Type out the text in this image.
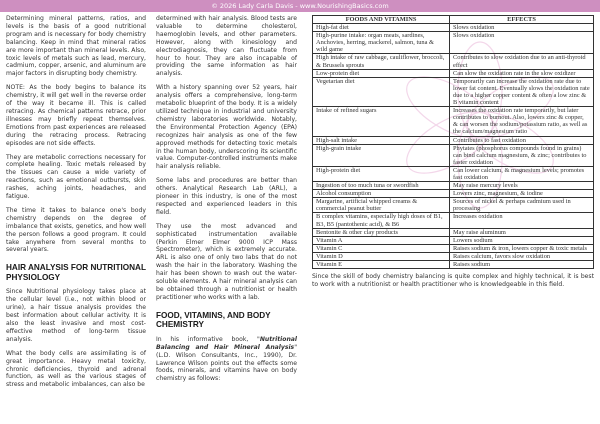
© 2026 Lady Carla Davis - www.NourishingBasics.com

Determining mineral patterns, ratios, and levels is the basis of a good nutritional program and is necessary for body chemistry balancing. Keep in mind that mineral ratios are more important than mineral levels. Also, toxic levels of metals such as lead, mercury, cadmium, copper, arsenic, and aluminum are major factors in disrupting body chemistry.

NOTE: As the body begins to balance its chemistry, it will get well in the reverse order of the way it became ill. This is called retracing. As chemical patterns retrace, prior illnesses may briefly repeat themselves. Emotions from past experiences are released during the retracing process. Retracing episodes are not side effects.

They are metabolic corrections necessary for complete healing. Toxic metals released by the tissues can cause a wide variety of reactions, such as emotional outbursts, skin rashes, aching joints, headaches, and fatigue.

The time it takes to balance one's body chemistry depends on the degree of imbalance that exists, genetics, and how well the person follows a good program. It could take anywhere from several months to several years.

HAIR ANALYSIS FOR NUTRITIONAL PHYSIOLOGY

Since Nutritional physiology takes place at the cellular level (i.e., not within blood or urine), a hair tissue analysis provides the best information about cellular activity. It is also the least invasive and most cost-effective method of long-term tissue analysis.

What the body cells are assimilating is of great importance. Heavy metal toxicity, chronic deficiencies, thyroid and adrenal function, as well as the various stages of stress and metabolic imbalances, can also be

determined with hair analysis. Blood tests are valuable to determine cholesterol, haemoglobin levels, and other parameters. However, along with kinesiology and electrodiagnosis, they can fluctuate from hour to hour. They are also incapable of providing the same information as hair analysis.

With a history spanning over 52 years, hair analysis offers a comprehensive, long-term metabolic blueprint of the body. It is a widely utilized technique in industrial and university chemistry laboratories worldwide. Notably, the Environmental Protection Agency (EPA) recognizes hair analysis as one of the few approved methods for detecting toxic metals in the human body, underscoring its scientific value. Computer-controlled instruments make hair analysis reliable.

Some labs and procedures are better than others. Analytical Research Lab (ARL), a pioneer in this industry, is one of the most respected and experienced leaders in this field.

They use the most advanced and sophisticated instrumentation available (Perkin Elmer Elmer 9000 ICP Mass Spectrometer), which is extremely accurate. ARL is also one of only two labs that do not wash the hair in the laboratory. Washing the hair has been shown to wash out the water-soluble elements. A hair mineral analysis can be obtained through a nutritionist or health practitioner who works with a lab.

FOOD, VITAMINS, AND BODY CHEMISTRY

In his informative book, "Nutritional Balancing and Hair Mineral Analysis" (L.D. Wilson Consultants, Inc., 1990), Dr. Lawrence Wilson points out the effects some foods, minerals, and vitamins have on body chemistry as follows:

FOODS AND VITAMINS	EFFECTS
High-fat diet	Slows oxidation
High-purine intake: organ meats, sardines, Anchovies, herring, mackerel, salmon, tuna & wild game	Slows oxidation
High intake of raw cabbage, cauliflower, broccoli, & Brussels sprouts	Contributes to slow oxidation due to an anti-thyroid effect
Low-protein diet	Can slow the oxidation rate in the slow oxidizer
Vegetarian diet	Temporarily can increase the oxidation rate due to lower fat content. Eventually slows the oxidation rate due to a higher copper content & often a low zinc & B vitamin content
Intake of refined sugars	Increases the oxidation rate temporarily, but later contributes to burnout. Also, lowers zinc & copper, & can worsen the sodium/potassium ratio, as well as the calcium/magnesium ratio
High-salt intake	Contributes to fast oxidation
High-grain intake	Phytates (phosphorus compounds found in grains) can bind calcium magnesium, & zinc; contributes to faster oxidation
High-protein diet	Can lower calcium, & magnesium levels; promotes fast oxidation
Ingestion of too much tuna or swordfish	May raise mercury levels
Alcohol consumption	Lowers zinc, magnesium, & iodine
Margarine, artificial whipped creams & commercial peanut butter	Sources of nickel & perhaps cadmium used in processing
B complex vitamins, especially high doses of B1, B3, B5 (pantothenic acid), & B6	Increases oxidation
Bentonite & other clay products	May raise aluminum
Vitamin A	Lowers sodium
Vitamin C	Raises sodium & iron, lowers copper & toxic metals
Vitamin D	Raises calcium, favors slow oxidation
Vitamin E	Raises sodium
Since the skill of body chemistry balancing is quite complex and highly technical, it is best to work with a nutritionist or health practitioner who is knowledgeable in this field.
